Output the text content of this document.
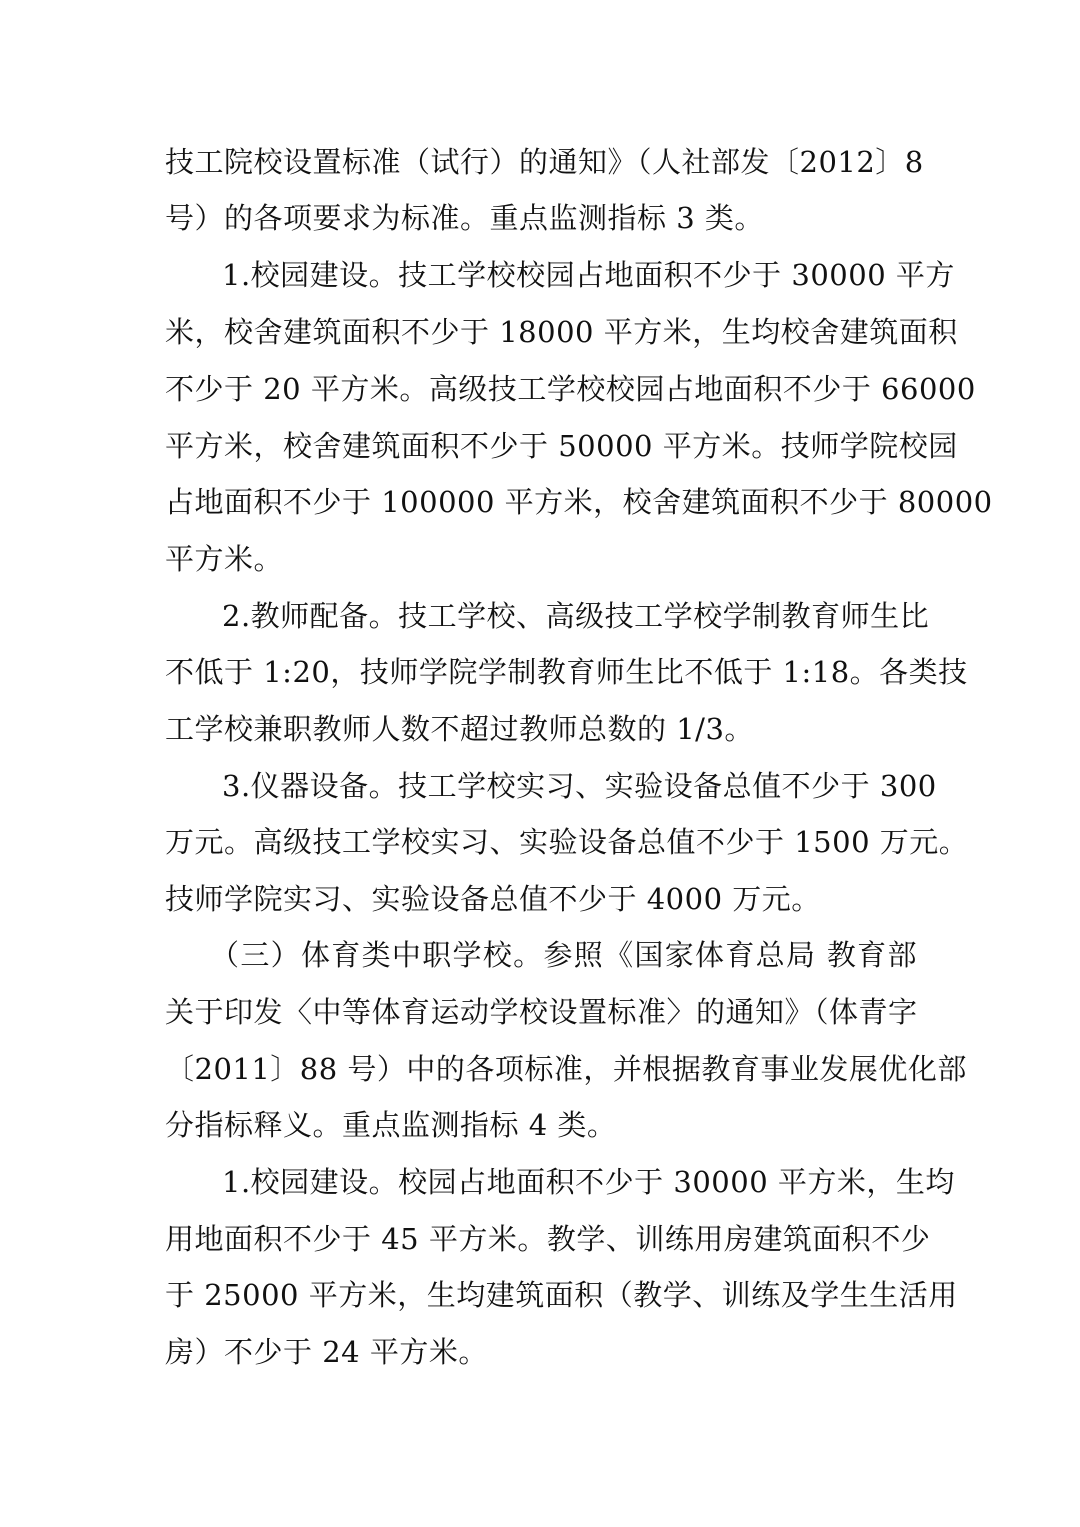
技工院校设置标准（试行）的通知》（人社部发〔2012〕8
号）的各项要求为标准。重点监测指标 3 类。
1.校园建设。技工学校校园占地面积不少于 30000 平方
米，校舍建筑面积不少于 18000 平方米，生均校舍建筑面积
不少于 20 平方米。高级技工学校校园占地面积不少于 66000
平方米，校舍建筑面积不少于 50000 平方米。技师学院校园
占地面积不少于 100000 平方米，校舍建筑面积不少于 80000
平方米。
2.教师配备。技工学校、高级技工学校学制教育师生比
不低于 1:20，技师学院学制教育师生比不低于 1:18。各类技
工学校兼职教师人数不超过教师总数的 1/3。
3.仪器设备。技工学校实习、实验设备总值不少于 300
万元。高级技工学校实习、实验设备总值不少于 1500 万元。
技师学院实习、实验设备总值不少于 4000 万元。
（三）体育类中职学校。参照《国家体育总局 教育部
关于印发〈中等体育运动学校设置标准〉的通知》（体青字
〔2011〕88 号）中的各项标准，并根据教育事业发展优化部
分指标释义。重点监测指标 4 类。
1.校园建设。校园占地面积不少于 30000 平方米，生均
用地面积不少于 45 平方米。教学、训练用房建筑面积不少
于 25000 平方米，生均建筑面积（教学、训练及学生生活用
房）不少于 24 平方米。
